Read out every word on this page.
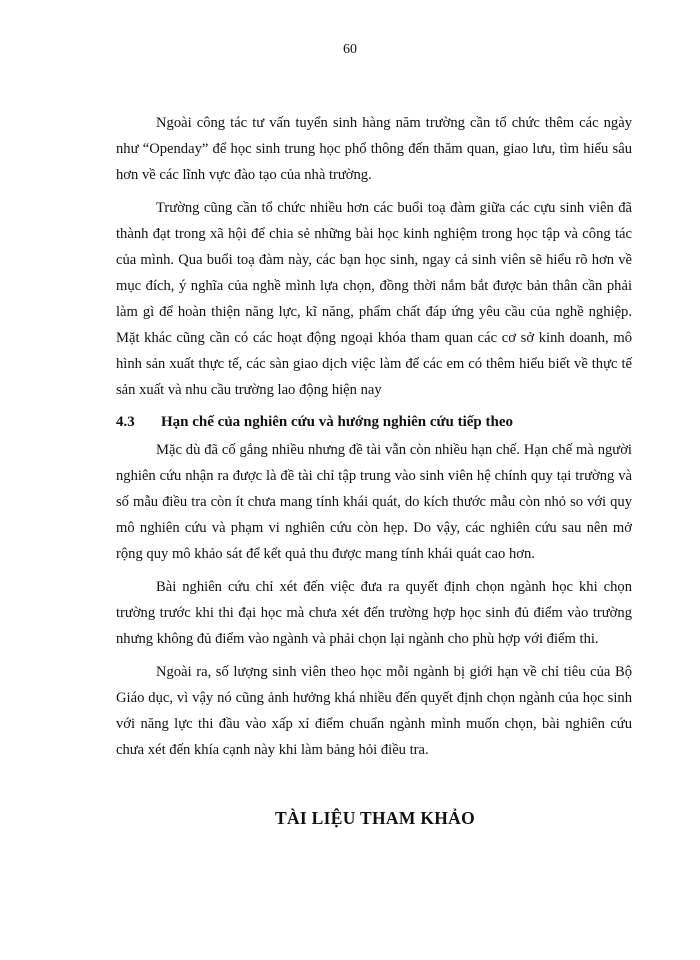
60

Ngoài công tác tư vấn tuyển sinh hàng năm trường cần tổ chức thêm các ngày như “Openday” để học sinh trung học phổ thông đến thăm quan, giao lưu, tìm hiểu sâu hơn về các lĩnh vực đào tạo của nhà trường.

Trường cũng cần tổ chức nhiều hơn các buổi toạ đàm giữa các cựu sinh viên đã thành đạt trong xã hội để chia sẻ những bài học kinh nghiệm trong học tập và công tác của mình. Qua buổi toạ đàm này, các bạn học sinh, ngay cả sinh viên sẽ hiểu rõ hơn về mục đích, ý nghĩa của nghề mình lựa chọn, đồng thời nắm bắt được bản thân cần phải làm gì để hoàn thiện năng lực, kĩ năng, phẩm chất đáp ứng yêu cầu của nghề nghiệp. Mặt khác cũng cần có các hoạt động ngoại khóa tham quan các cơ sở kinh doanh, mô hình sản xuất thực tế, các sàn giao dịch việc làm để các em có thêm hiểu biết về thực tế sản xuất và nhu cầu trường lao động hiện nay

4.3 Hạn chế của nghiên cứu và hướng nghiên cứu tiếp theo

Mặc dù đã cố gắng nhiều nhưng đề tài vẫn còn nhiều hạn chế. Hạn chế mà người nghiên cứu nhận ra được là đề tài chỉ tập trung vào sinh viên hệ chính quy tại trường và số mẫu điều tra còn ít chưa mang tính khái quát, do kích thước mẫu còn nhỏ so với quy mô nghiên cứu và phạm vi nghiên cứu còn hẹp. Do vậy, các nghiên cứu sau nên mở rộng quy mô khảo sát để kết quả thu được mang tính khái quát cao hơn.

Bài nghiên cứu chỉ xét đến việc đưa ra quyết định chọn ngành học khi chọn trường trước khi thi đại học mà chưa xét đến trường hợp học sinh đủ điểm vào trường nhưng không đủ điểm vào ngành và phải chọn lại ngành cho phù hợp với điểm thi.

Ngoài ra, số lượng sinh viên theo học mỗi ngành bị giới hạn về chỉ tiêu của Bộ Giáo dục, vì vậy nó cũng ảnh hưởng khá nhiều đến quyết định chọn ngành của học sinh với năng lực thi đầu vào xấp xỉ điểm chuẩn ngành mình muốn chọn, bài nghiên cứu chưa xét đến khía cạnh này khi làm bảng hỏi điều tra.

TÀI LIỆU THAM KHẢO
